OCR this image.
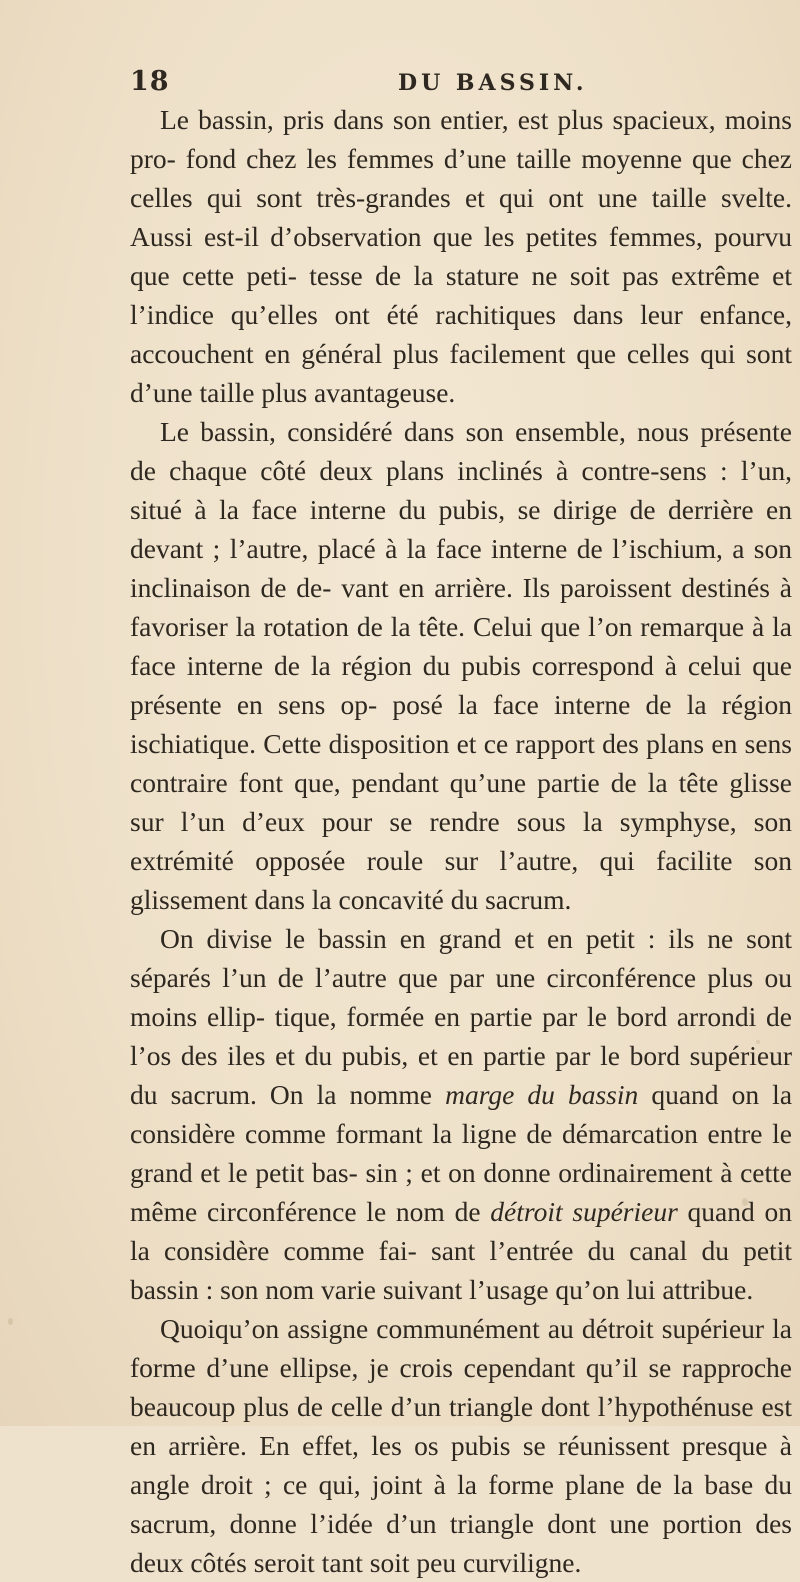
18	DU BASSIN.

Le bassin, pris dans son entier, est plus spacieux, moins pro- fond chez les femmes d’une taille moyenne que chez celles qui sont très-grandes et qui ont une taille svelte. Aussi est-il d’observation que les petites femmes, pourvu que cette peti- tesse de la stature ne soit pas extrême et l’indice qu’elles ont été rachitiques dans leur enfance, accouchent en général plus facilement que celles qui sont d’une taille plus avantageuse.

Le bassin, considéré dans son ensemble, nous présente de chaque côté deux plans inclinés à contre-sens : l’un, situé à la face interne du pubis, se dirige de derrière en devant ; l’autre, placé à la face interne de l’ischium, a son inclinaison de de- vant en arrière. Ils paroissent destinés à favoriser la rotation de la tête. Celui que l’on remarque à la face interne de la région du pubis correspond à celui que présente en sens op- posé la face interne de la région ischiatique. Cette disposition et ce rapport des plans en sens contraire font que, pendant qu’une partie de la tête glisse sur l’un d’eux pour se rendre sous la symphyse, son extrémité opposée roule sur l’autre, qui facilite son glissement dans la concavité du sacrum.

On divise le bassin en grand et en petit : ils ne sont séparés l’un de l’autre que par une circonférence plus ou moins ellip- tique, formée en partie par le bord arrondi de l’os des iles et du pubis, et en partie par le bord supérieur du sacrum. On la nomme marge du bassin quand on la considère comme formant la ligne de démarcation entre le grand et le petit bas- sin ; et on donne ordinairement à cette même circonférence le nom de détroit supérieur quand on la considère comme fai- sant l’entrée du canal du petit bassin : son nom varie suivant l’usage qu’on lui attribue.

Quoiqu’on assigne communément au détroit supérieur la forme d’une ellipse, je crois cependant qu’il se rapproche beaucoup plus de celle d’un triangle dont l’hypothénuse est en arrière. En effet, les os pubis se réunissent presque à angle droit ; ce qui, joint à la forme plane de la base du sacrum, donne l’idée d’un triangle dont une portion des deux côtés seroit tant soit peu curviligne.
